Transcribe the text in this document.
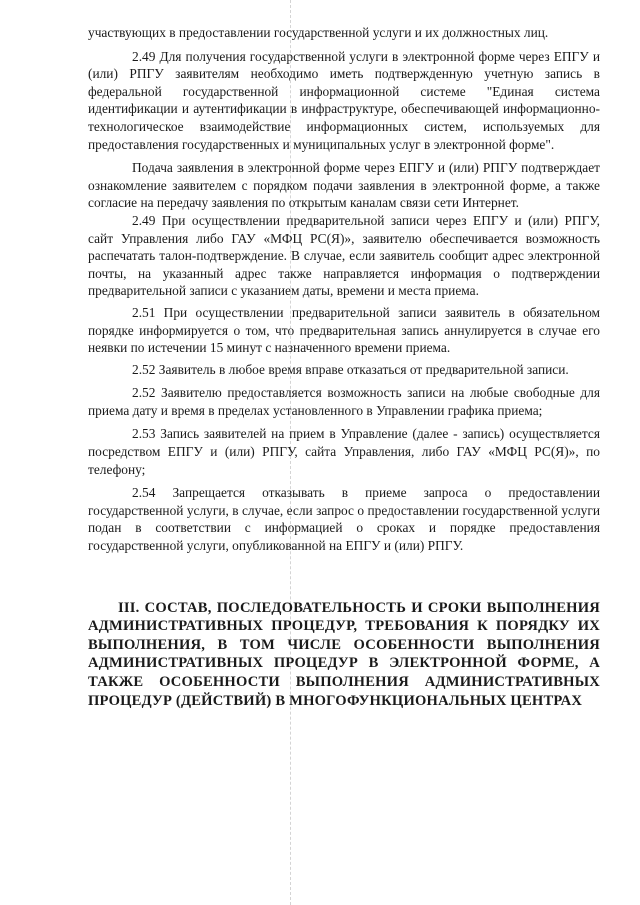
участвующих в предоставлении государственной услуги и их должностных лиц.

2.49 Для получения государственной услуги в электронной форме через ЕПГУ и (или) РПГУ заявителям необходимо иметь подтвержденную учетную запись в федеральной государственной информационной системе "Единая система идентификации и аутентификации в инфраструктуре, обеспечивающей информационно-технологическое взаимодействие информационных систем, используемых для предоставления государственных и муниципальных услуг в электронной форме".

Подача заявления в электронной форме через ЕПГУ и (или) РПГУ подтверждает ознакомление заявителем с порядком подачи заявления в электронной форме, а также согласие на передачу заявления по открытым каналам связи сети Интернет.

2.49 При осуществлении предварительной записи через ЕПГУ и (или) РПГУ, сайт Управления либо ГАУ «МФЦ РС(Я)», заявителю обеспечивается возможность распечатать талон-подтверждение. В случае, если заявитель сообщит адрес электронной почты, на указанный адрес также направляется информация о подтверждении предварительной записи с указанием даты, времени и места приема.

2.51 При осуществлении предварительной записи заявитель в обязательном порядке информируется о том, что предварительная запись аннулируется в случае его неявки по истечении 15 минут с назначенного времени приема.

2.52 Заявитель в любое время вправе отказаться от предварительной записи.

2.52 Заявителю предоставляется возможность записи на любые свободные для приема дату и время в пределах установленного в Управлении графика приема;

2.53 Запись заявителей на прием в Управление (далее - запись) осуществляется посредством ЕПГУ и (или) РПГУ, сайта Управления, либо ГАУ «МФЦ РС(Я)», по телефону;

2.54 Запрещается отказывать в приеме запроса о предоставлении государственной услуги, в случае, если запрос о предоставлении государственной услуги подан в соответствии с информацией о сроках и порядке предоставления государственной услуги, опубликованной на ЕПГУ и (или) РПГУ.

III. СОСТАВ, ПОСЛЕДОВАТЕЛЬНОСТЬ И СРОКИ ВЫПОЛНЕНИЯ АДМИНИСТРАТИВНЫХ ПРОЦЕДУР, ТРЕБОВАНИЯ К ПОРЯДКУ ИХ ВЫПОЛНЕНИЯ, В ТОМ ЧИСЛЕ ОСОБЕННОСТИ ВЫПОЛНЕНИЯ АДМИНИСТРАТИВНЫХ ПРОЦЕДУР В ЭЛЕКТРОННОЙ ФОРМЕ, А ТАКЖЕ ОСОБЕННОСТИ ВЫПОЛНЕНИЯ АДМИНИСТРАТИВНЫХ ПРОЦЕДУР (ДЕЙСТВИЙ) В МНОГОФУНКЦИОНАЛЬНЫХ ЦЕНТРАХ
